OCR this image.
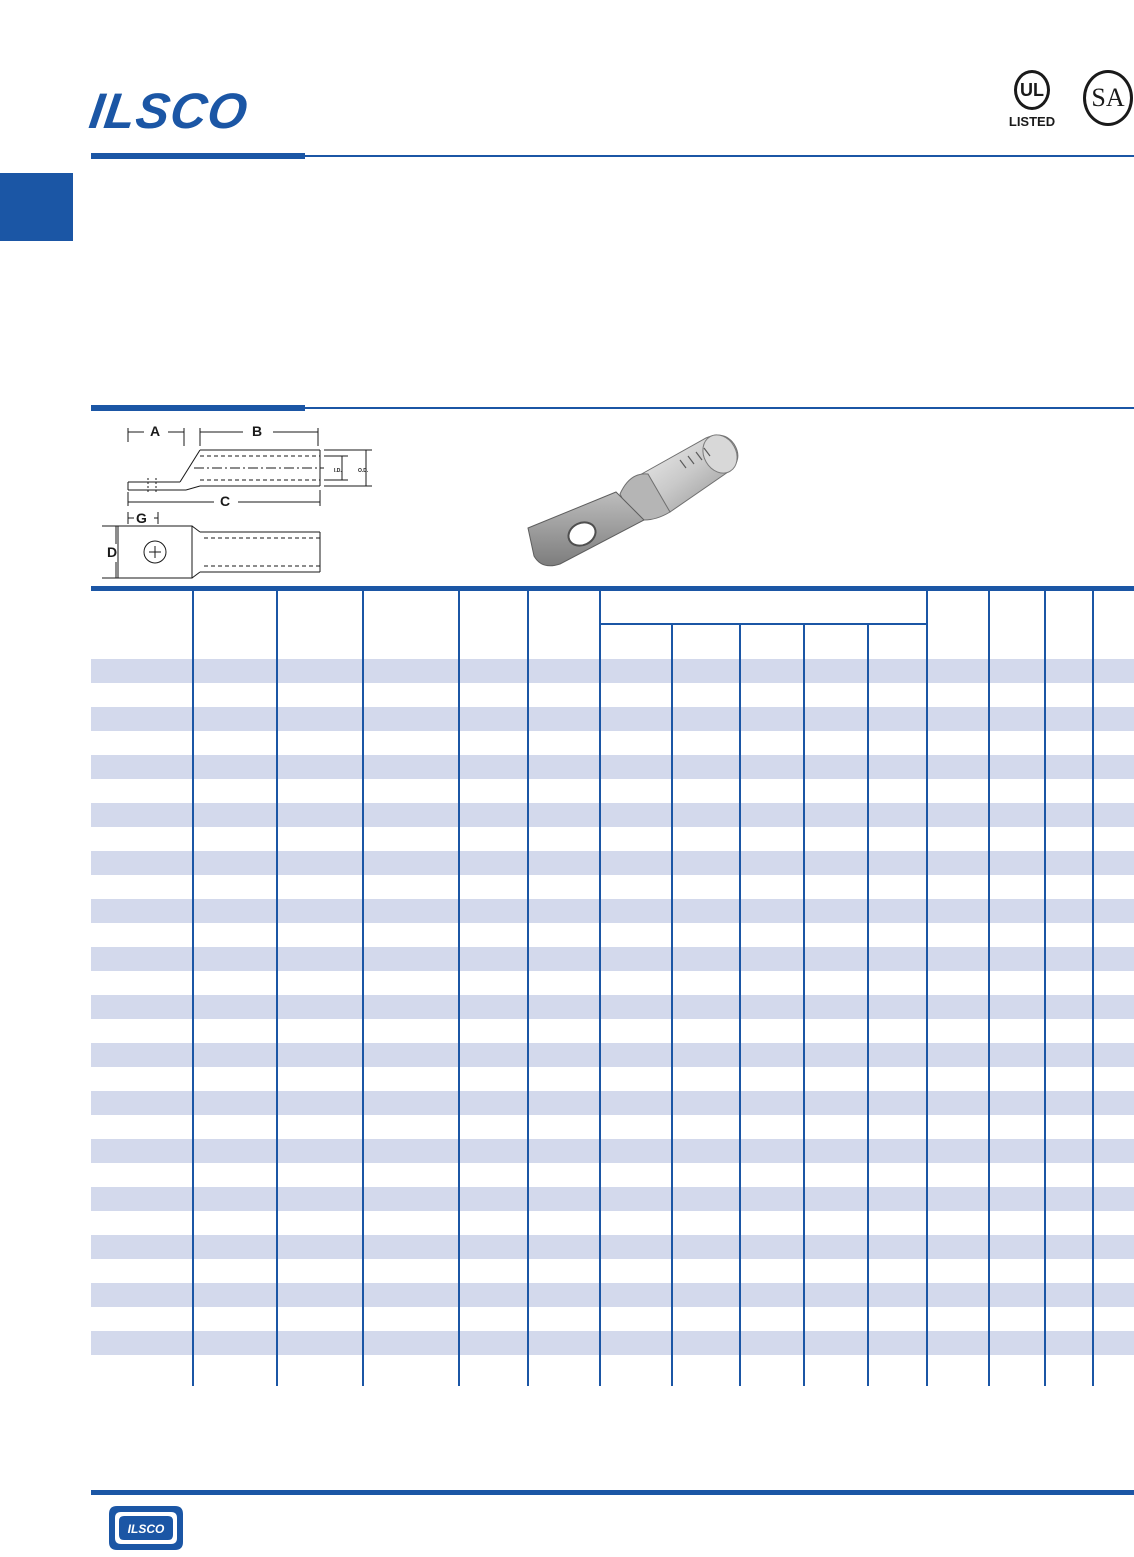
ILSCO	UL
LISTED
SA
A	B
C
G
D
I.D.	O.D.
ILSCO
